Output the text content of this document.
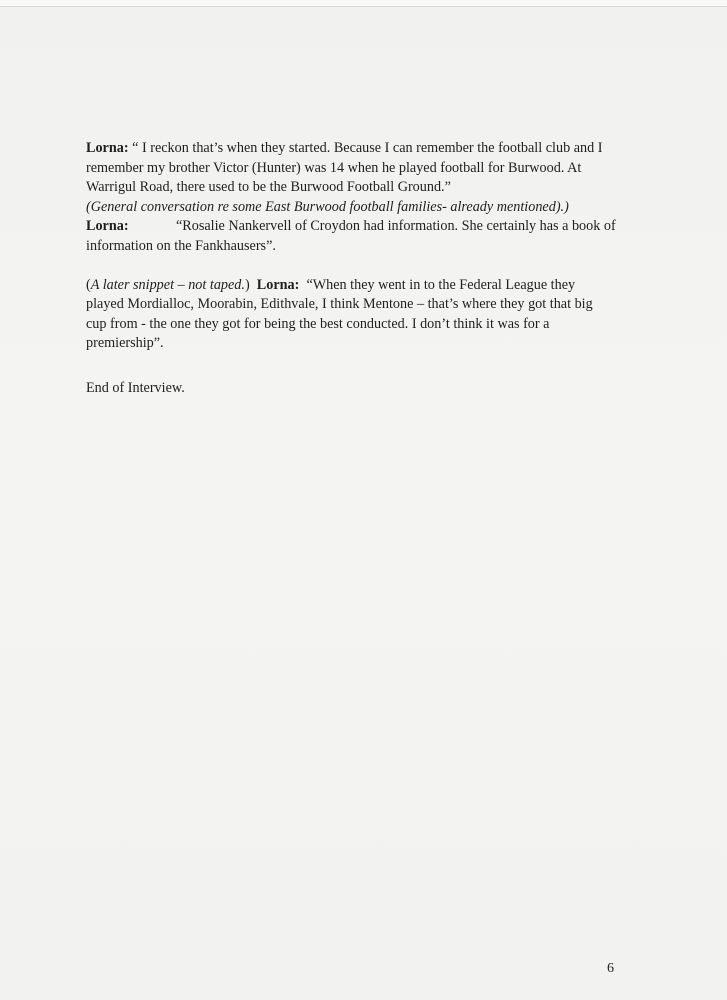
Lorna: “ I reckon that’s when they started. Because I can remember the football club and I remember my brother Victor (Hunter) was 14 when he played football for Burwood. At Warrigul Road, there used to be the Burwood Football Ground.”

(General conversation re some East Burwood football families- already mentioned).)

Lorna:	“Rosalie Nankervell of Croydon had information. She certainly has a book of information on the Fankhausers”.

(A later snippet – not taped.) Lorna: “When they went in to the Federal League they played Mordialloc, Moorabin, Edithvale, I think Mentone – that’s where they got that big cup from - the one they got for being the best conducted. I don’t think it was for a premiership”.

End of Interview.

6
